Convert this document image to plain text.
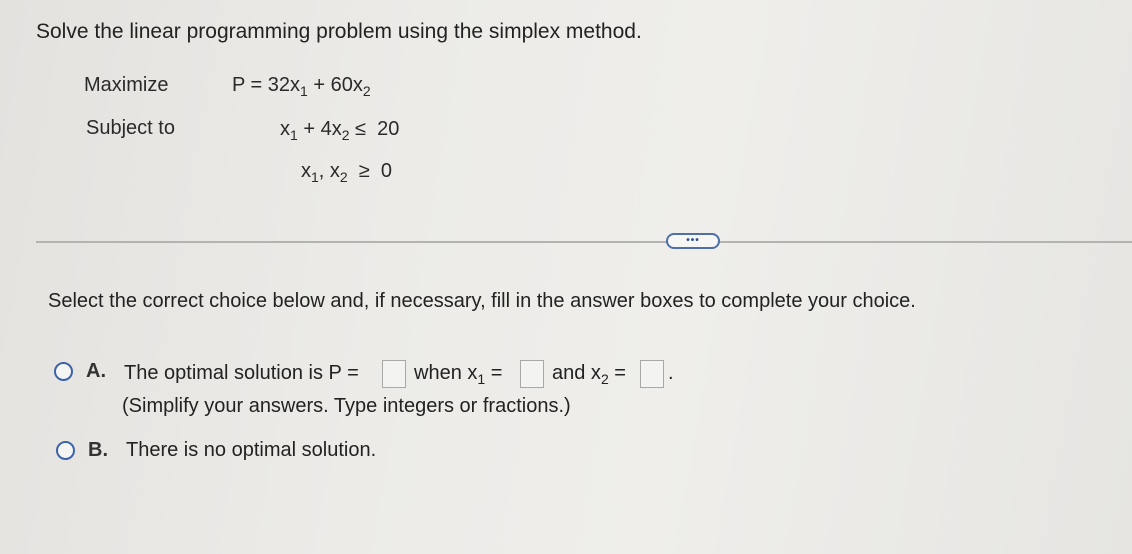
Solve the linear programming problem using the simplex method.
Maximize
Subject to
$P = 32x_1 + 60x_2$
$x_1 + 4x_2 \le 20$
$x_1$, $x_2 \ge 0$
•••
Select the correct choice below and, if necessary, fill in the answer boxes to complete your choice.
A. The optimal solution is P =	when $x_1$ = and $x_2$ = .
(Simplify your answers. Type integers or fractions.)
B. There is no optimal solution.
